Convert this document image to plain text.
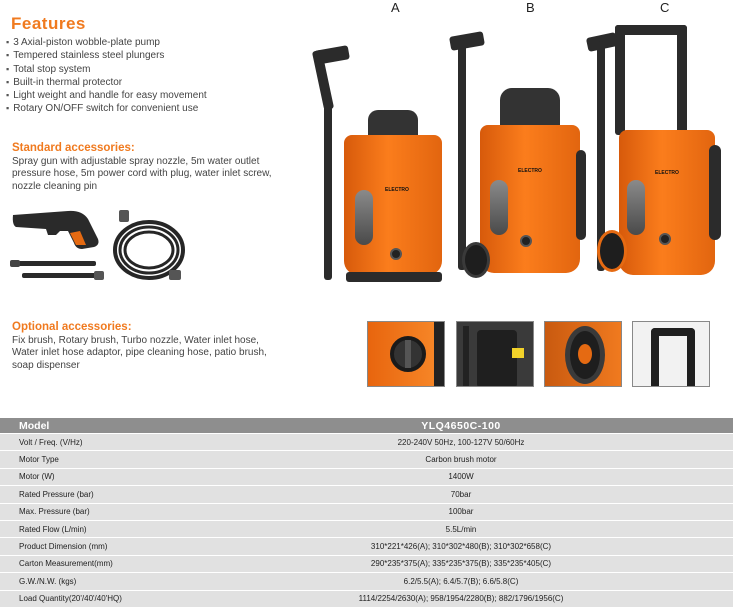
Features
▪ 3 Axial-piston wobble-plate pump
▪ Tempered stainless steel plungers
▪ Total stop system
▪ Built-in thermal protector
▪ Light weight and handle for easy movement
▪ Rotary ON/OFF switch for convenient use
Standard accessories:
Spray gun with adjustable spray nozzle, 5m water outlet pressure hose, 5m power cord with plug, water inlet screw, nozzle cleaning pin
Optional accessories:
Fix brush, Rotary brush, Turbo nozzle, Water inlet hose, Water inlet hose adaptor, pipe cleaning hose, patio brush, soap dispenser
A	B	C
ELECTRO
ELECTRO	ELECTRO
Model	YLQ4650C-100
Volt / Freq. (V/Hz)	220-240V 50Hz, 100-127V 50/60Hz
Motor Type	Carbon brush motor
Motor (W)	1400W
Rated Pressure (bar)	70bar
Max. Pressure (bar)	100bar
Rated Flow (L/min)	5.5L/min
Product Dimension (mm)	310*221*426(A); 310*302*480(B); 310*302*658(C)
Carton Measurement(mm)	290*235*375(A); 335*235*375(B); 335*235*405(C)
G.W./N.W. (kgs)	6.2/5.5(A); 6.4/5.7(B); 6.6/5.8(C)
Load Quantity(20'/40'/40'HQ)	1114/2254/2630(A); 958/1954/2280(B); 882/1796/1956(C)
